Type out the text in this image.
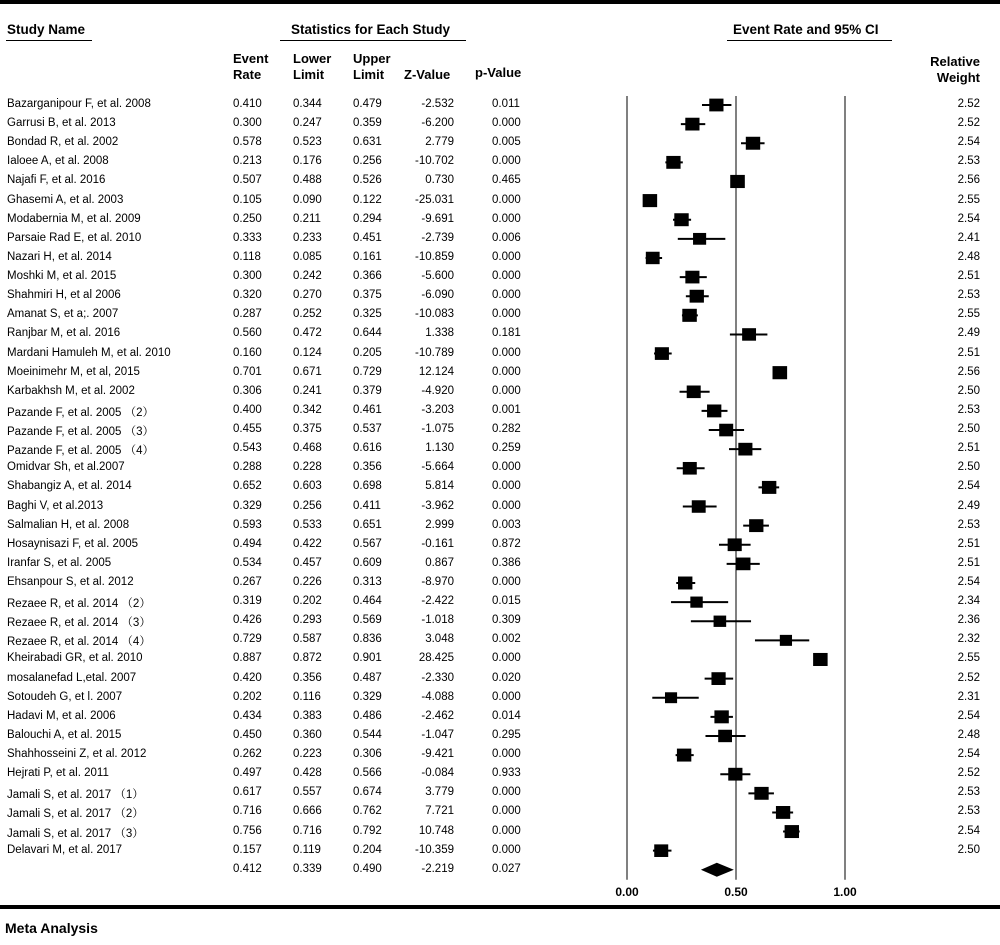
Study Name	Statistics for Each Study	Event Rate and 95% CI
Event
Rate
Lower
Limit
Upper
Limit	Z-Value p-Value
Relative
Weight
Bazarganipour F, et al. 2008	0.410	0.344	0.479	-2.532	0.011	2.52
Garrusi B, et al. 2013	0.300	0.247	0.359	-6.200	0.000	2.52
Bondad R, et al. 2002	0.578	0.523	0.631	2.779	0.005	2.54
Ialoee A, et al. 2008	0.213	0.176	0.256	-10.702	0.000	2.53
Najafi F, et al. 2016	0.507	0.488	0.526	0.730	0.465	2.56
Ghasemi A, et al. 2003	0.105	0.090	0.122	-25.031	0.000	2.55
Modabernia M, et al. 2009	0.250	0.211	0.294	-9.691	0.000	2.54
Parsaie Rad E, et al. 2010	0.333	0.233	0.451	-2.739	0.006	2.41
Nazari H, et al. 2014	0.118	0.085	0.161	-10.859	0.000	2.48
Moshki M, et al. 2015	0.300	0.242	0.366	-5.600	0.000	2.51
Shahmiri H, et al 2006	0.320	0.270	0.375	-6.090	0.000	2.53
Amanat S, et a;. 2007	0.287	0.252	0.325	-10.083	0.000	2.55
Ranjbar M, et al. 2016	0.560	0.472	0.644	1.338	0.181	2.49
Mardani Hamuleh M, et al. 2010	0.160	0.124	0.205	-10.789	0.000	2.51
Moeinimehr M, et al, 2015	0.701	0.671	0.729	12.124	0.000	2.56
Karbakhsh M, et al. 2002	0.306	0.241	0.379	-4.920	0.000	2.50
Pazande F, et al. 2005 （2）	0.400	0.342	0.461	-3.203	0.001	2.53
Pazande F, et al. 2005 （3）	0.455	0.375	0.537	-1.075	0.282	2.50
Pazande F, et al. 2005 （4）	0.543	0.468	0.616	1.130	0.259	2.51
Omidvar Sh, et al.2007	0.288	0.228	0.356	-5.664	0.000	2.50
Shabangiz A, et al. 2014	0.652	0.603	0.698	5.814	0.000	2.54
Baghi V, et al.2013	0.329	0.256	0.411	-3.962	0.000	2.49
Salmalian H, et al. 2008	0.593	0.533	0.651	2.999	0.003	2.53
Hosaynisazi F, et al. 2005	0.494	0.422	0.567	-0.161	0.872	2.51
Iranfar S, et al. 2005	0.534	0.457	0.609	0.867	0.386	2.51
Ehsanpour S, et al. 2012	0.267	0.226	0.313	-8.970	0.000	2.54
Rezaee R, et al. 2014 （2）	0.319	0.202	0.464	-2.422	0.015	2.34
Rezaee R, et al. 2014 （3）	0.426	0.293	0.569	-1.018	0.309	2.36
Rezaee R, et al. 2014 （4）	0.729	0.587	0.836	3.048	0.002	2.32
Kheirabadi GR, et al. 2010	0.887	0.872	0.901	28.425	0.000	2.55
mosalanefad L,etal. 2007	0.420	0.356	0.487	-2.330	0.020	2.52
Sotoudeh G, et l. 2007	0.202	0.116	0.329	-4.088	0.000	2.31
Hadavi M, et al. 2006	0.434	0.383	0.486	-2.462	0.014	2.54
Balouchi A, et al. 2015	0.450	0.360	0.544	-1.047	0.295	2.48
Shahhosseini Z, et al. 2012	0.262	0.223	0.306	-9.421	0.000	2.54
Hejrati P, et al. 2011	0.497	0.428	0.566	-0.084	0.933	2.52
Jamali S, et al. 2017 （1）	0.617	0.557	0.674	3.779	0.000	2.53
Jamali S, et al. 2017 （2）	0.716	0.666	0.762	7.721	0.000	2.53
Jamali S, et al. 2017 （3）	0.756	0.716	0.792	10.748	0.000	2.54
Delavari M, et al. 2017	0.157	0.119	0.204	-10.359	0.000	2.50
0.412	0.339	0.490	-2.219	0.027
0.00	0.50	1.00
Meta Analysis
